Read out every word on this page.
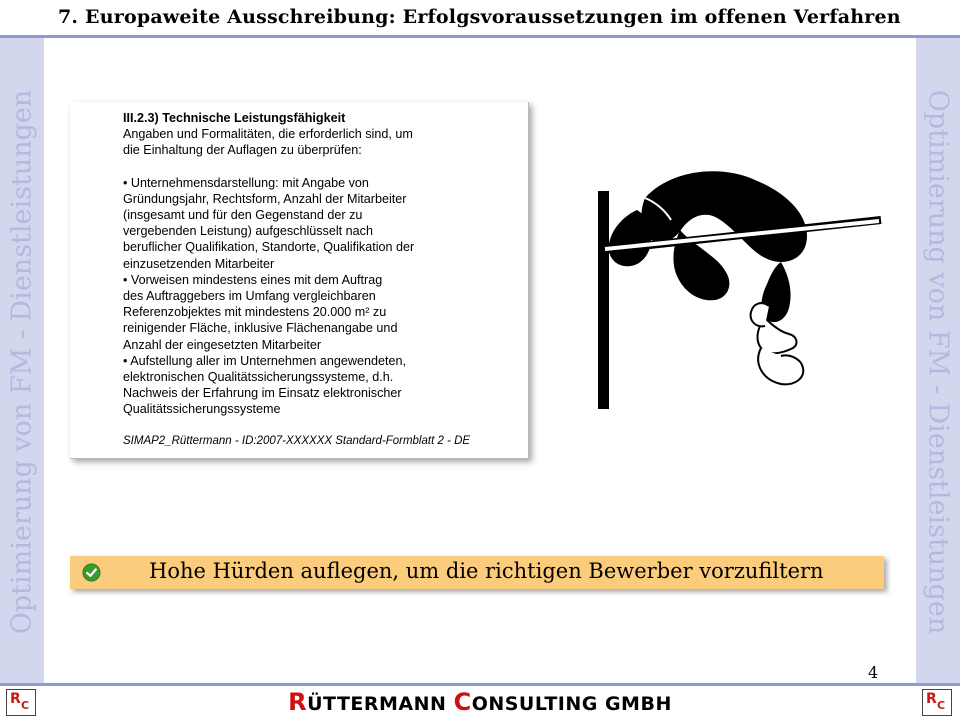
7. Europaweite Ausschreibung: Erfolgsvoraussetzungen im offenen Verfahren
Optimierung von FM - Dienstleistungen	Optimierung von FM - Dienstleistungen
III.2.3) Technische Leistungsfähigkeit
Angaben und Formalitäten, die erforderlich sind, um
die Einhaltung der Auflagen zu überprüfen:
• Unternehmensdarstellung: mit Angabe von
Gründungsjahr, Rechtsform, Anzahl der Mitarbeiter
(insgesamt und für den Gegenstand der zu
vergebenden Leistung) aufgeschlüsselt nach
beruflicher Qualifikation, Standorte, Qualifikation der
einzusetzenden Mitarbeiter
• Vorweisen mindestens eines mit dem Auftrag
des Auftraggebers im Umfang vergleichbaren
Referenzobjektes mit mindestens 20.000 m² zu
reinigender Fläche, inklusive Flächenangabe und
Anzahl der eingesetzten Mitarbeiter
• Aufstellung aller im Unternehmen angewendeten,
elektronischen Qualitätssicherungssysteme, d.h.
Nachweis der Erfahrung im Einsatz elektronischer
Qualitätssicherungssysteme
SIMAP2_Rüttermann - ID:2007-XXXXXX Standard-Formblatt 2 - DE
Hohe Hürden auflegen, um die richtigen Bewerber vorzufiltern
4
R C	RÜTTERMANN CONSULTING GMBH	R C
